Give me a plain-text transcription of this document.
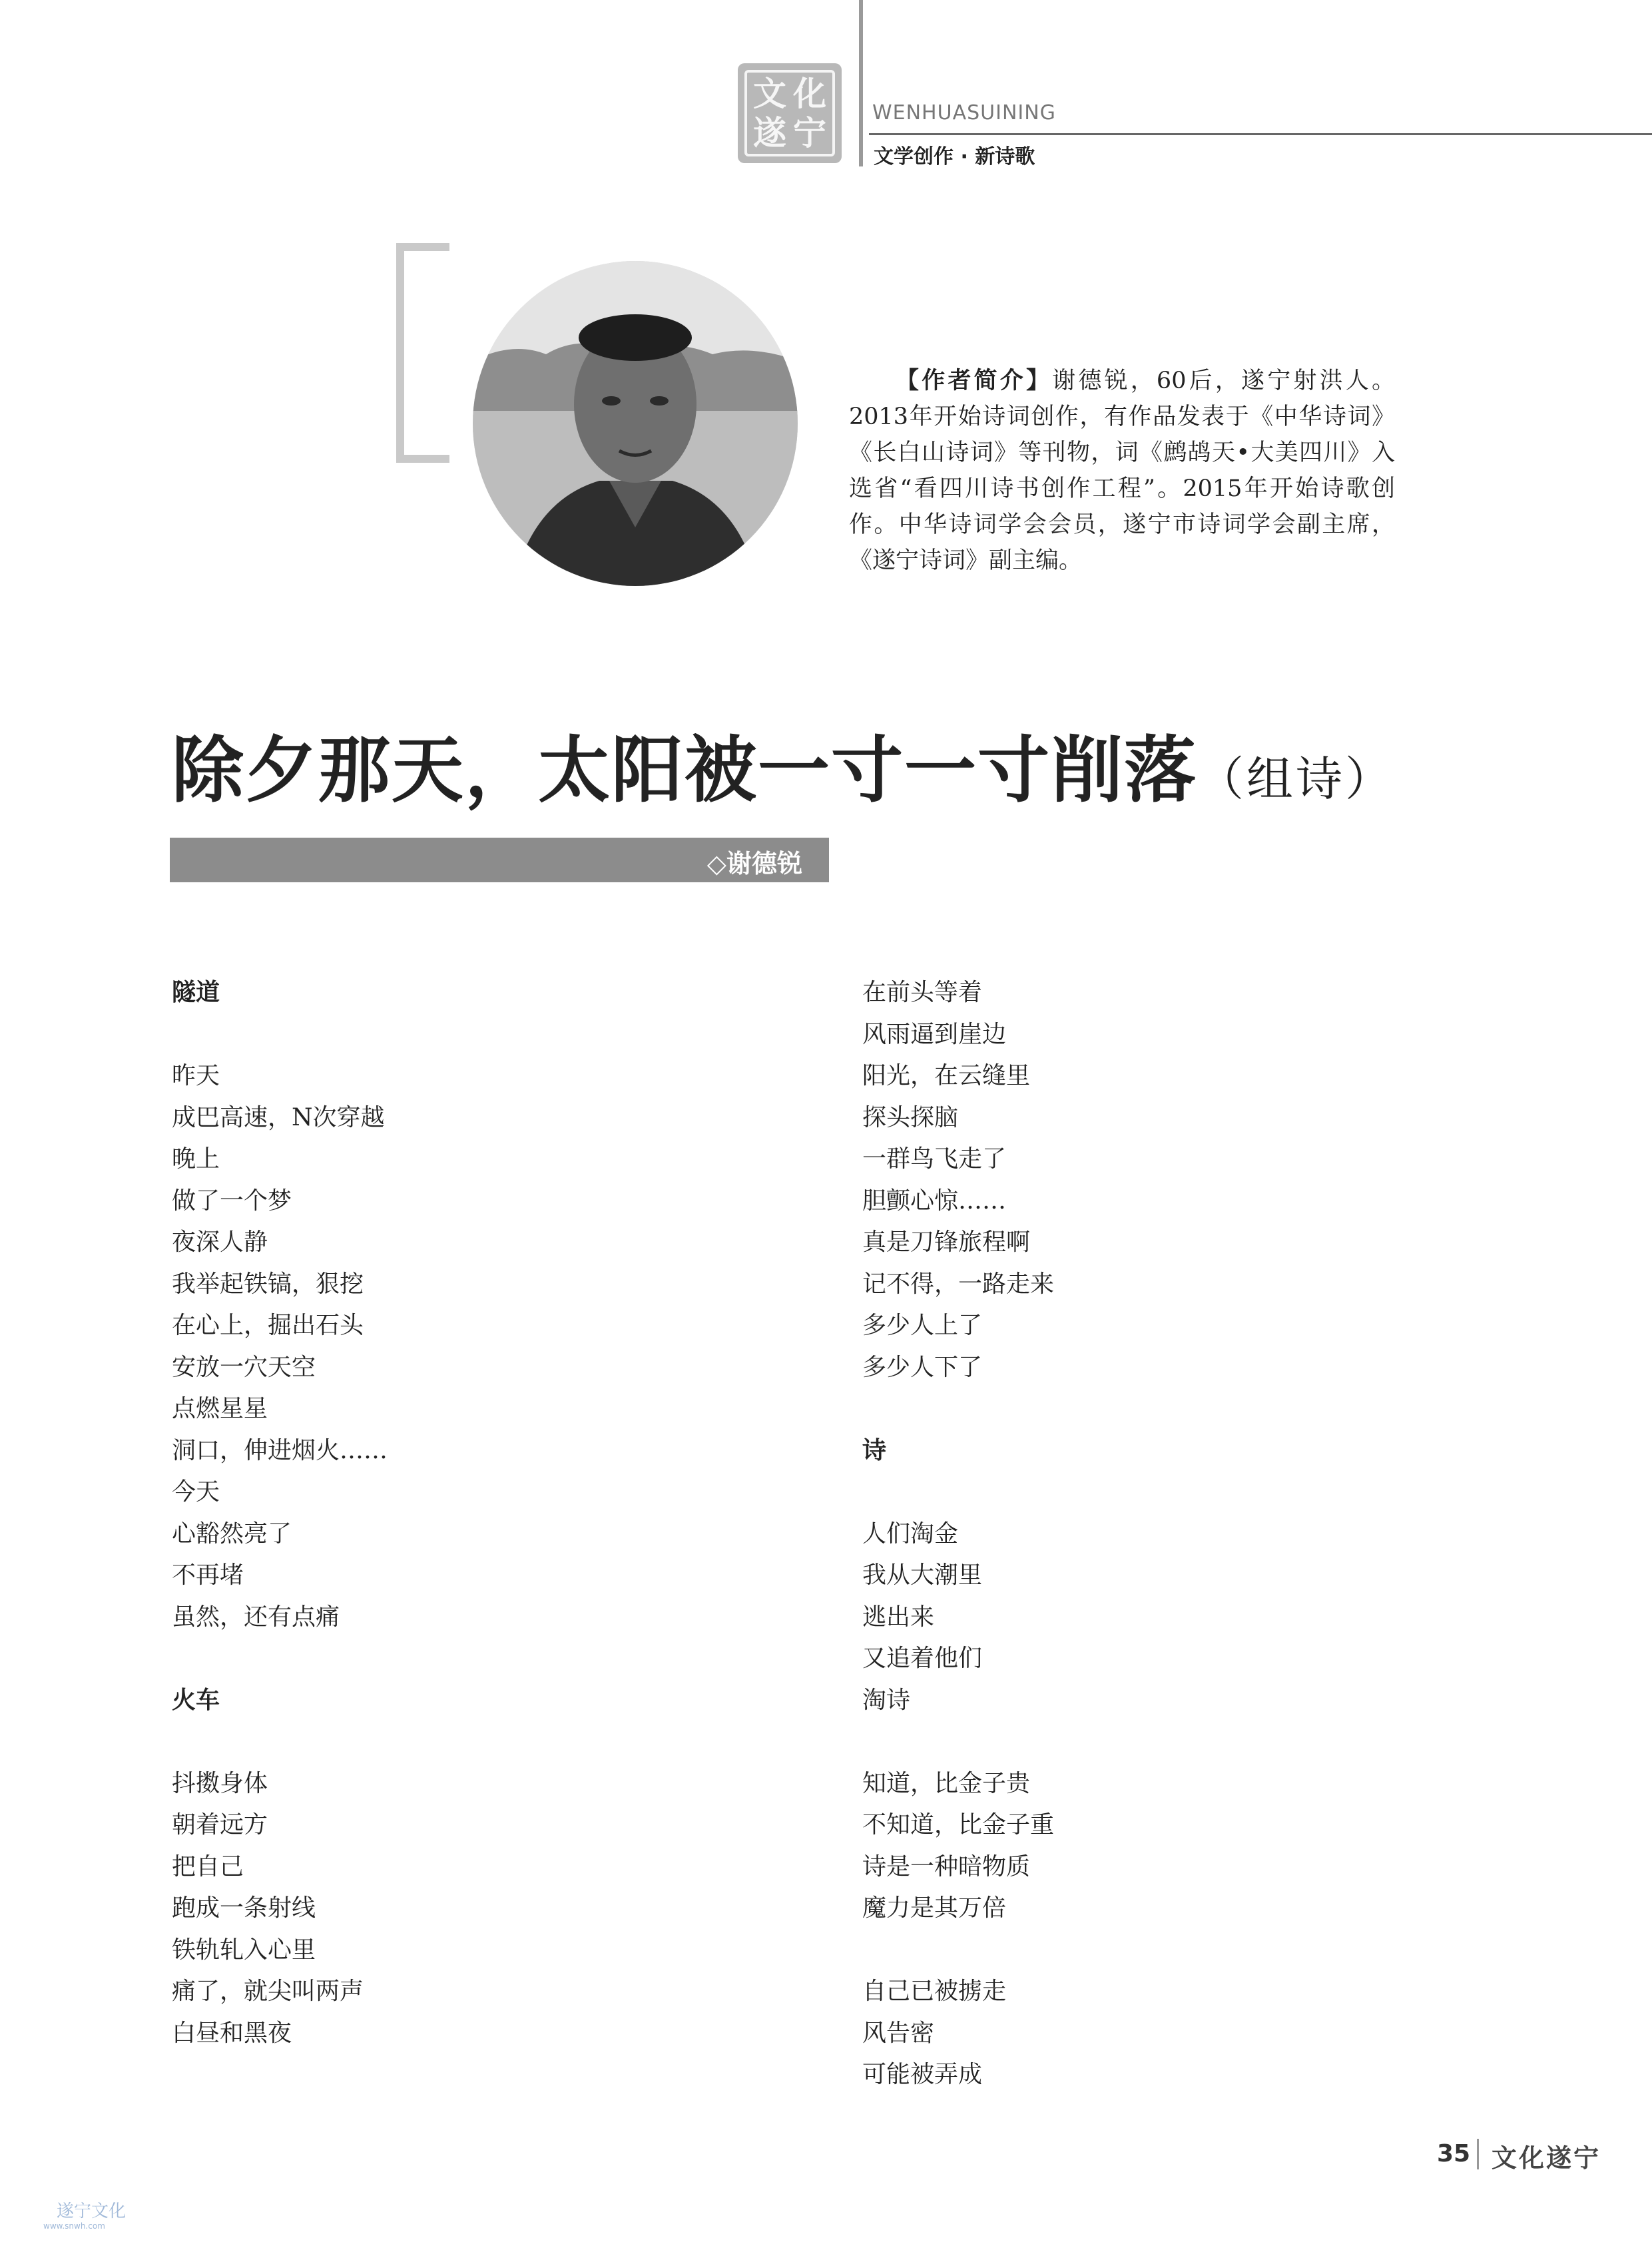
文 化
遂 宁
WENHUASUINING
文学创作 · 新诗歌
【作者简介】谢德锐，60后，遂宁射洪人。2013年开始诗词创作，有作品发表于《中华诗词》《长白山诗词》等刊物，词《鹧鸪天•大美四川》入选省“看四川诗书创作工程”。2015年开始诗歌创作。中华诗词学会会员，遂宁市诗词学会副主席，《遂宁诗词》副主编。
除夕那天，太阳被一寸一寸削落（组诗）
◇谢德锐
隧道
昨天
成巴高速，N次穿越
晚上
做了一个梦
夜深人静
我举起铁镐，狠挖
在心上，掘出石头
安放一穴天空
点燃星星
洞口，伸进烟火……
今天
心豁然亮了
不再堵
虽然，还有点痛
火车
抖擞身体
朝着远方
把自己
跑成一条射线
铁轨轧入心里
痛了，就尖叫两声
白昼和黑夜
在前头等着
风雨逼到崖边
阳光，在云缝里
探头探脑
一群鸟飞走了
胆颤心惊……
真是刀锋旅程啊
记不得，一路走来
多少人上了
多少人下了
诗
人们淘金
我从大潮里
逃出来
又追着他们
淘诗
知道，比金子贵
不知道，比金子重
诗是一种暗物质
魔力是其万倍
自己已被掳走
风告密
可能被弄成
35 文化遂宁
遂宁文化
www.snwh.com
